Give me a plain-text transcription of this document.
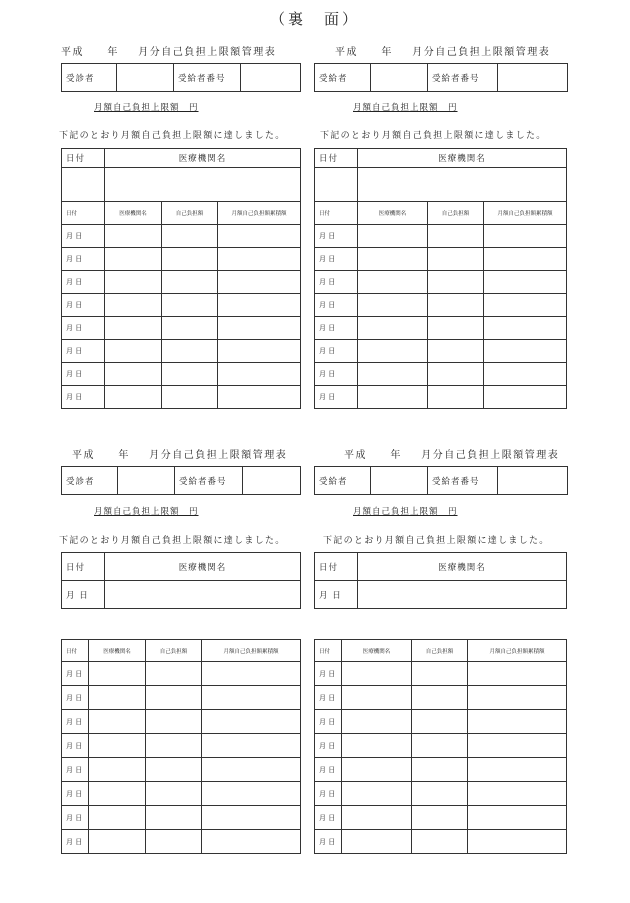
（裏　面）
平成 年 月分自己負担上限額管理表
受診者	受給者番号
月額自己負担上限額　円
下記のとおり月額自己負担上限額に達しました。
日付	医療機関名		

日付	医療機関名	自己負担額	月額自己負担額累積額
月 日			
月 日			
月 日			
月 日			
月 日			
月 日			
月 日			
月 日			
平成 年 月分自己負担上限額管理表
受給者	受給者番号
月額自己負担上限額　円
下記のとおり月額自己負担上限額に達しました。
日付	医療機関名		

日付	医療機関名	自己負担額	月額自己負担額累積額
月 日			
月 日			
月 日			
月 日			
月 日			
月 日			
月 日			
月 日			
平成 年 月分自己負担上限額管理表
受診者	受給者番号
月額自己負担上限額　円
下記のとおり月額自己負担上限額に達しました。
日付	医療機関名
月 日	
日付	医療機関名	自己負担額	月額自己負担額累積額
月 日			
月 日			
月 日			
月 日			
月 日			
月 日			
月 日			
月 日			
平成 年 月分自己負担上限額管理表
受給者	受給者番号
月額自己負担上限額　円
下記のとおり月額自己負担上限額に達しました。
日付	医療機関名
月 日	
日付	医療機関名	自己負担額	月額自己負担額累積額
月 日			
月 日			
月 日			
月 日			
月 日			
月 日			
月 日			
月 日			
